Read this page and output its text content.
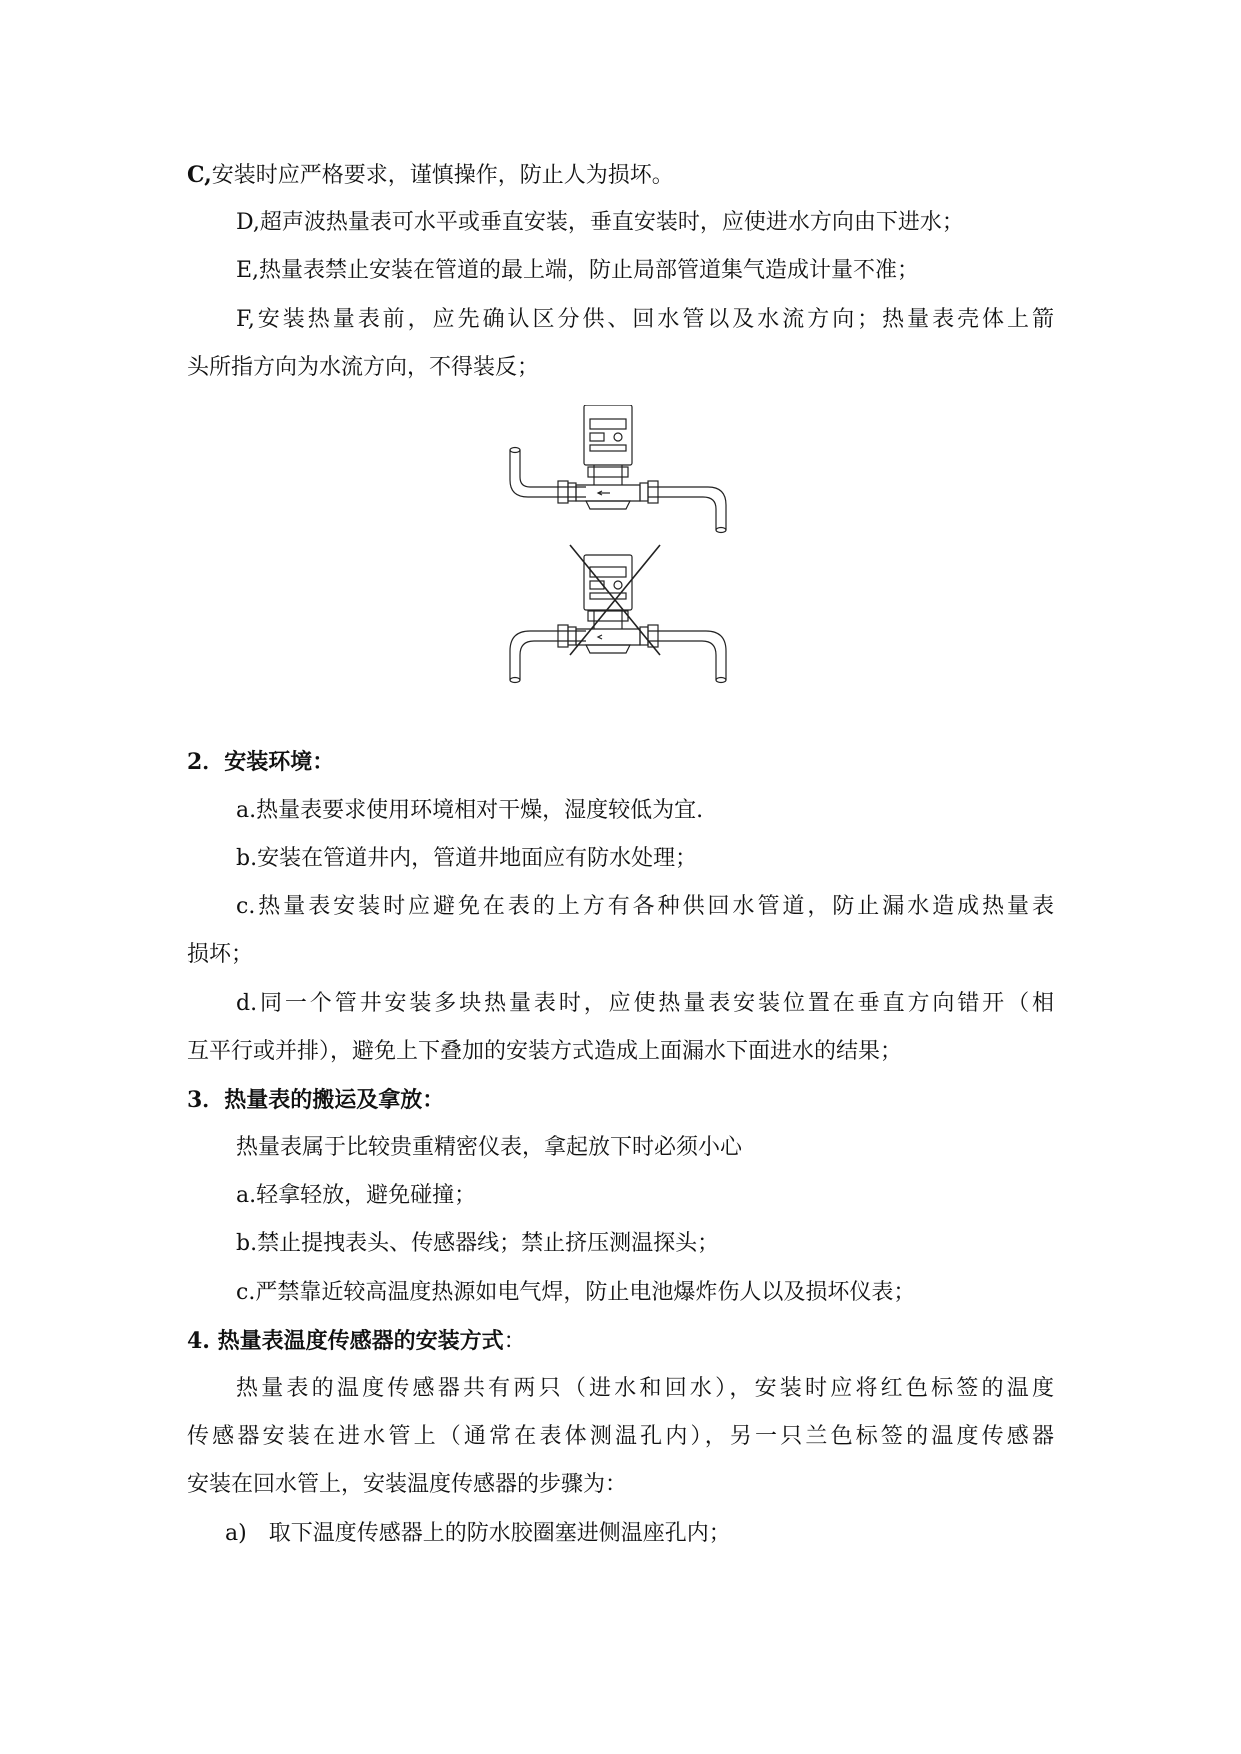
C,安装时应严格要求，谨慎操作，防止人为损坏。
D,超声波热量表可水平或垂直安装，垂直安装时，应使进水方向由下进水；
E,热量表禁止安装在管道的最上端，防止局部管道集气造成计量不准；
F,安装热量表前，应先确认区分供、回水管以及水流方向；热量表壳体上箭
头所指方向为水流方向，不得装反；
2．安装环境：
a.热量表要求使用环境相对干燥，湿度较低为宜.
b.安装在管道井内，管道井地面应有防水处理；
c.热量表安装时应避免在表的上方有各种供回水管道，防止漏水造成热量表
损坏；
d.同一个管井安装多块热量表时，应使热量表安装位置在垂直方向错开（相
互平行或并排），避免上下叠加的安装方式造成上面漏水下面进水的结果；
3．热量表的搬运及拿放：
热量表属于比较贵重精密仪表，拿起放下时必须小心
a.轻拿轻放，避免碰撞；
b.禁止提拽表头、传感器线；禁止挤压测温探头；
c.严禁靠近较高温度热源如电气焊，防止电池爆炸伤人以及损坏仪表；
4. 热量表温度传感器的安装方式：
热量表的温度传感器共有两只（进水和回水），安装时应将红色标签的温度
传感器安装在进水管上（通常在表体测温孔内），另一只兰色标签的温度传感器
安装在回水管上，安装温度传感器的步骤为：
a) 取下温度传感器上的防水胶圈塞进侧温座孔内；
